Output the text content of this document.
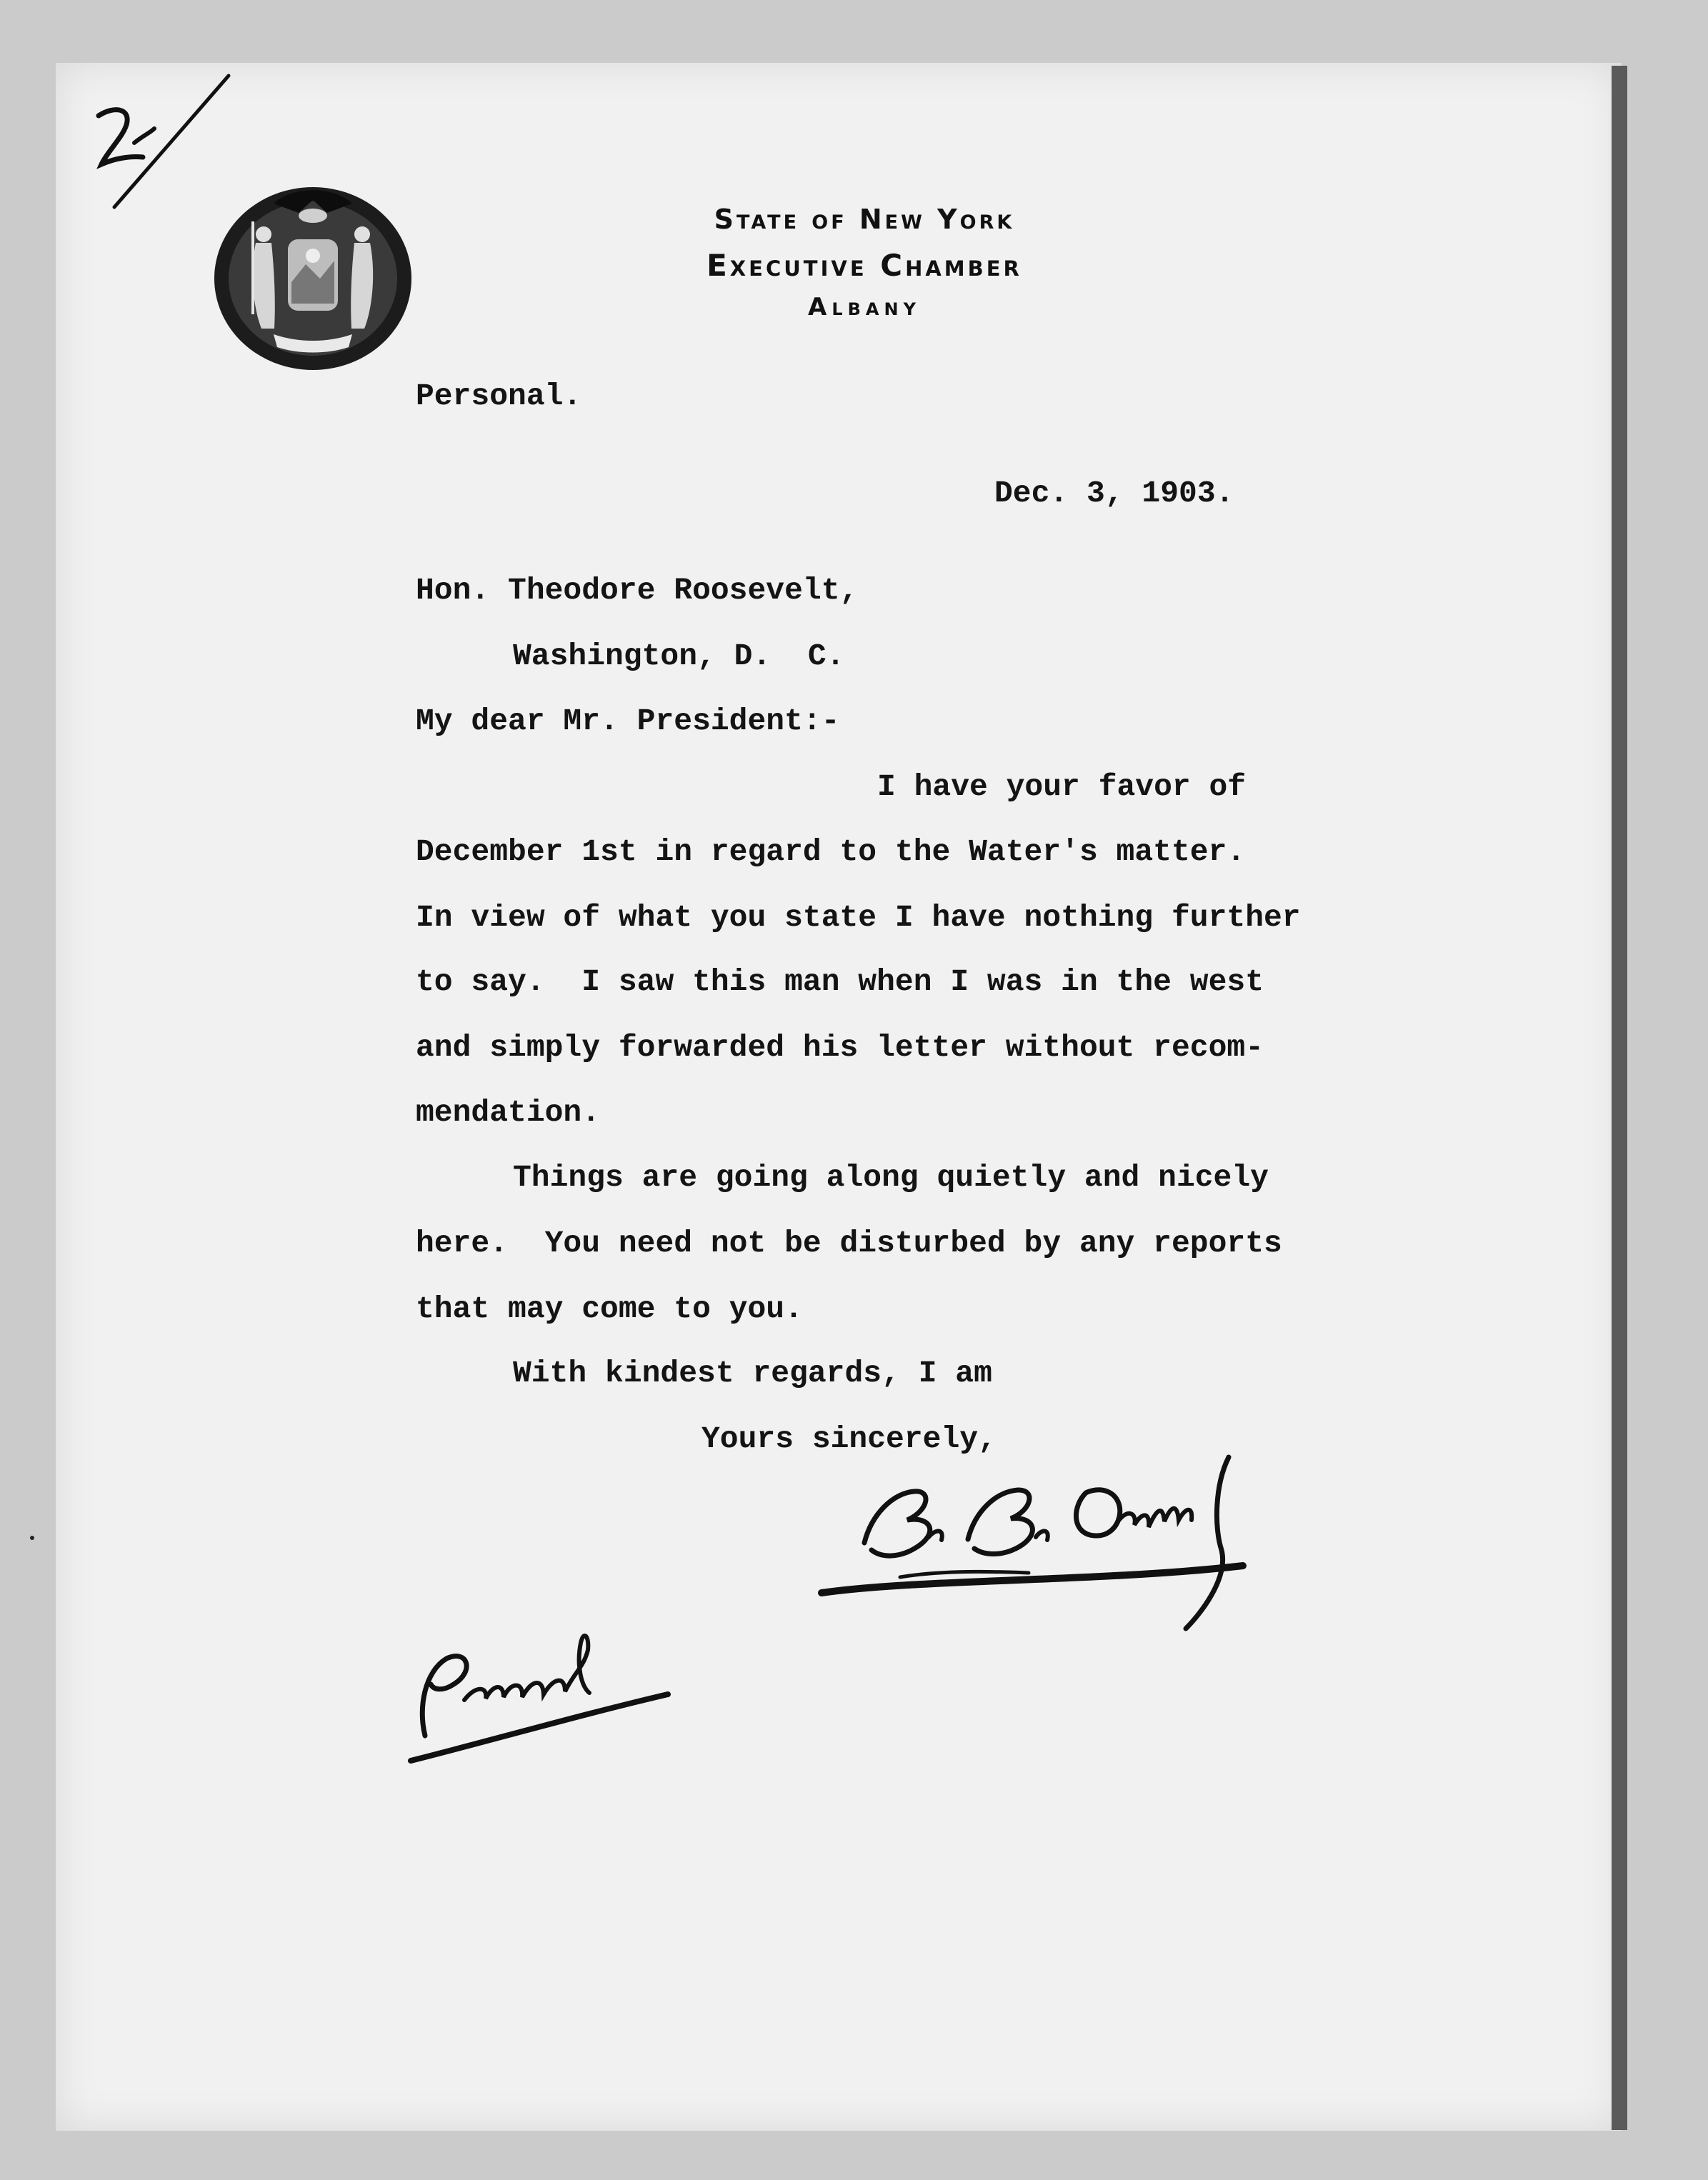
State of New York
Executive Chamber
Albany
Personal.
Dec. 3, 1903.
Hon. Theodore Roosevelt,
Washington, D.  C.
My dear Mr. President:-
I have your favor of
December 1st in regard to the Water's matter.
In view of what you state I have nothing further
to say.  I saw this man when I was in the west
and simply forwarded his letter without recom-
mendation.
Things are going along quietly and nicely
here.  You need not be disturbed by any reports
that may come to you.
With kindest regards, I am
Yours sincerely,
